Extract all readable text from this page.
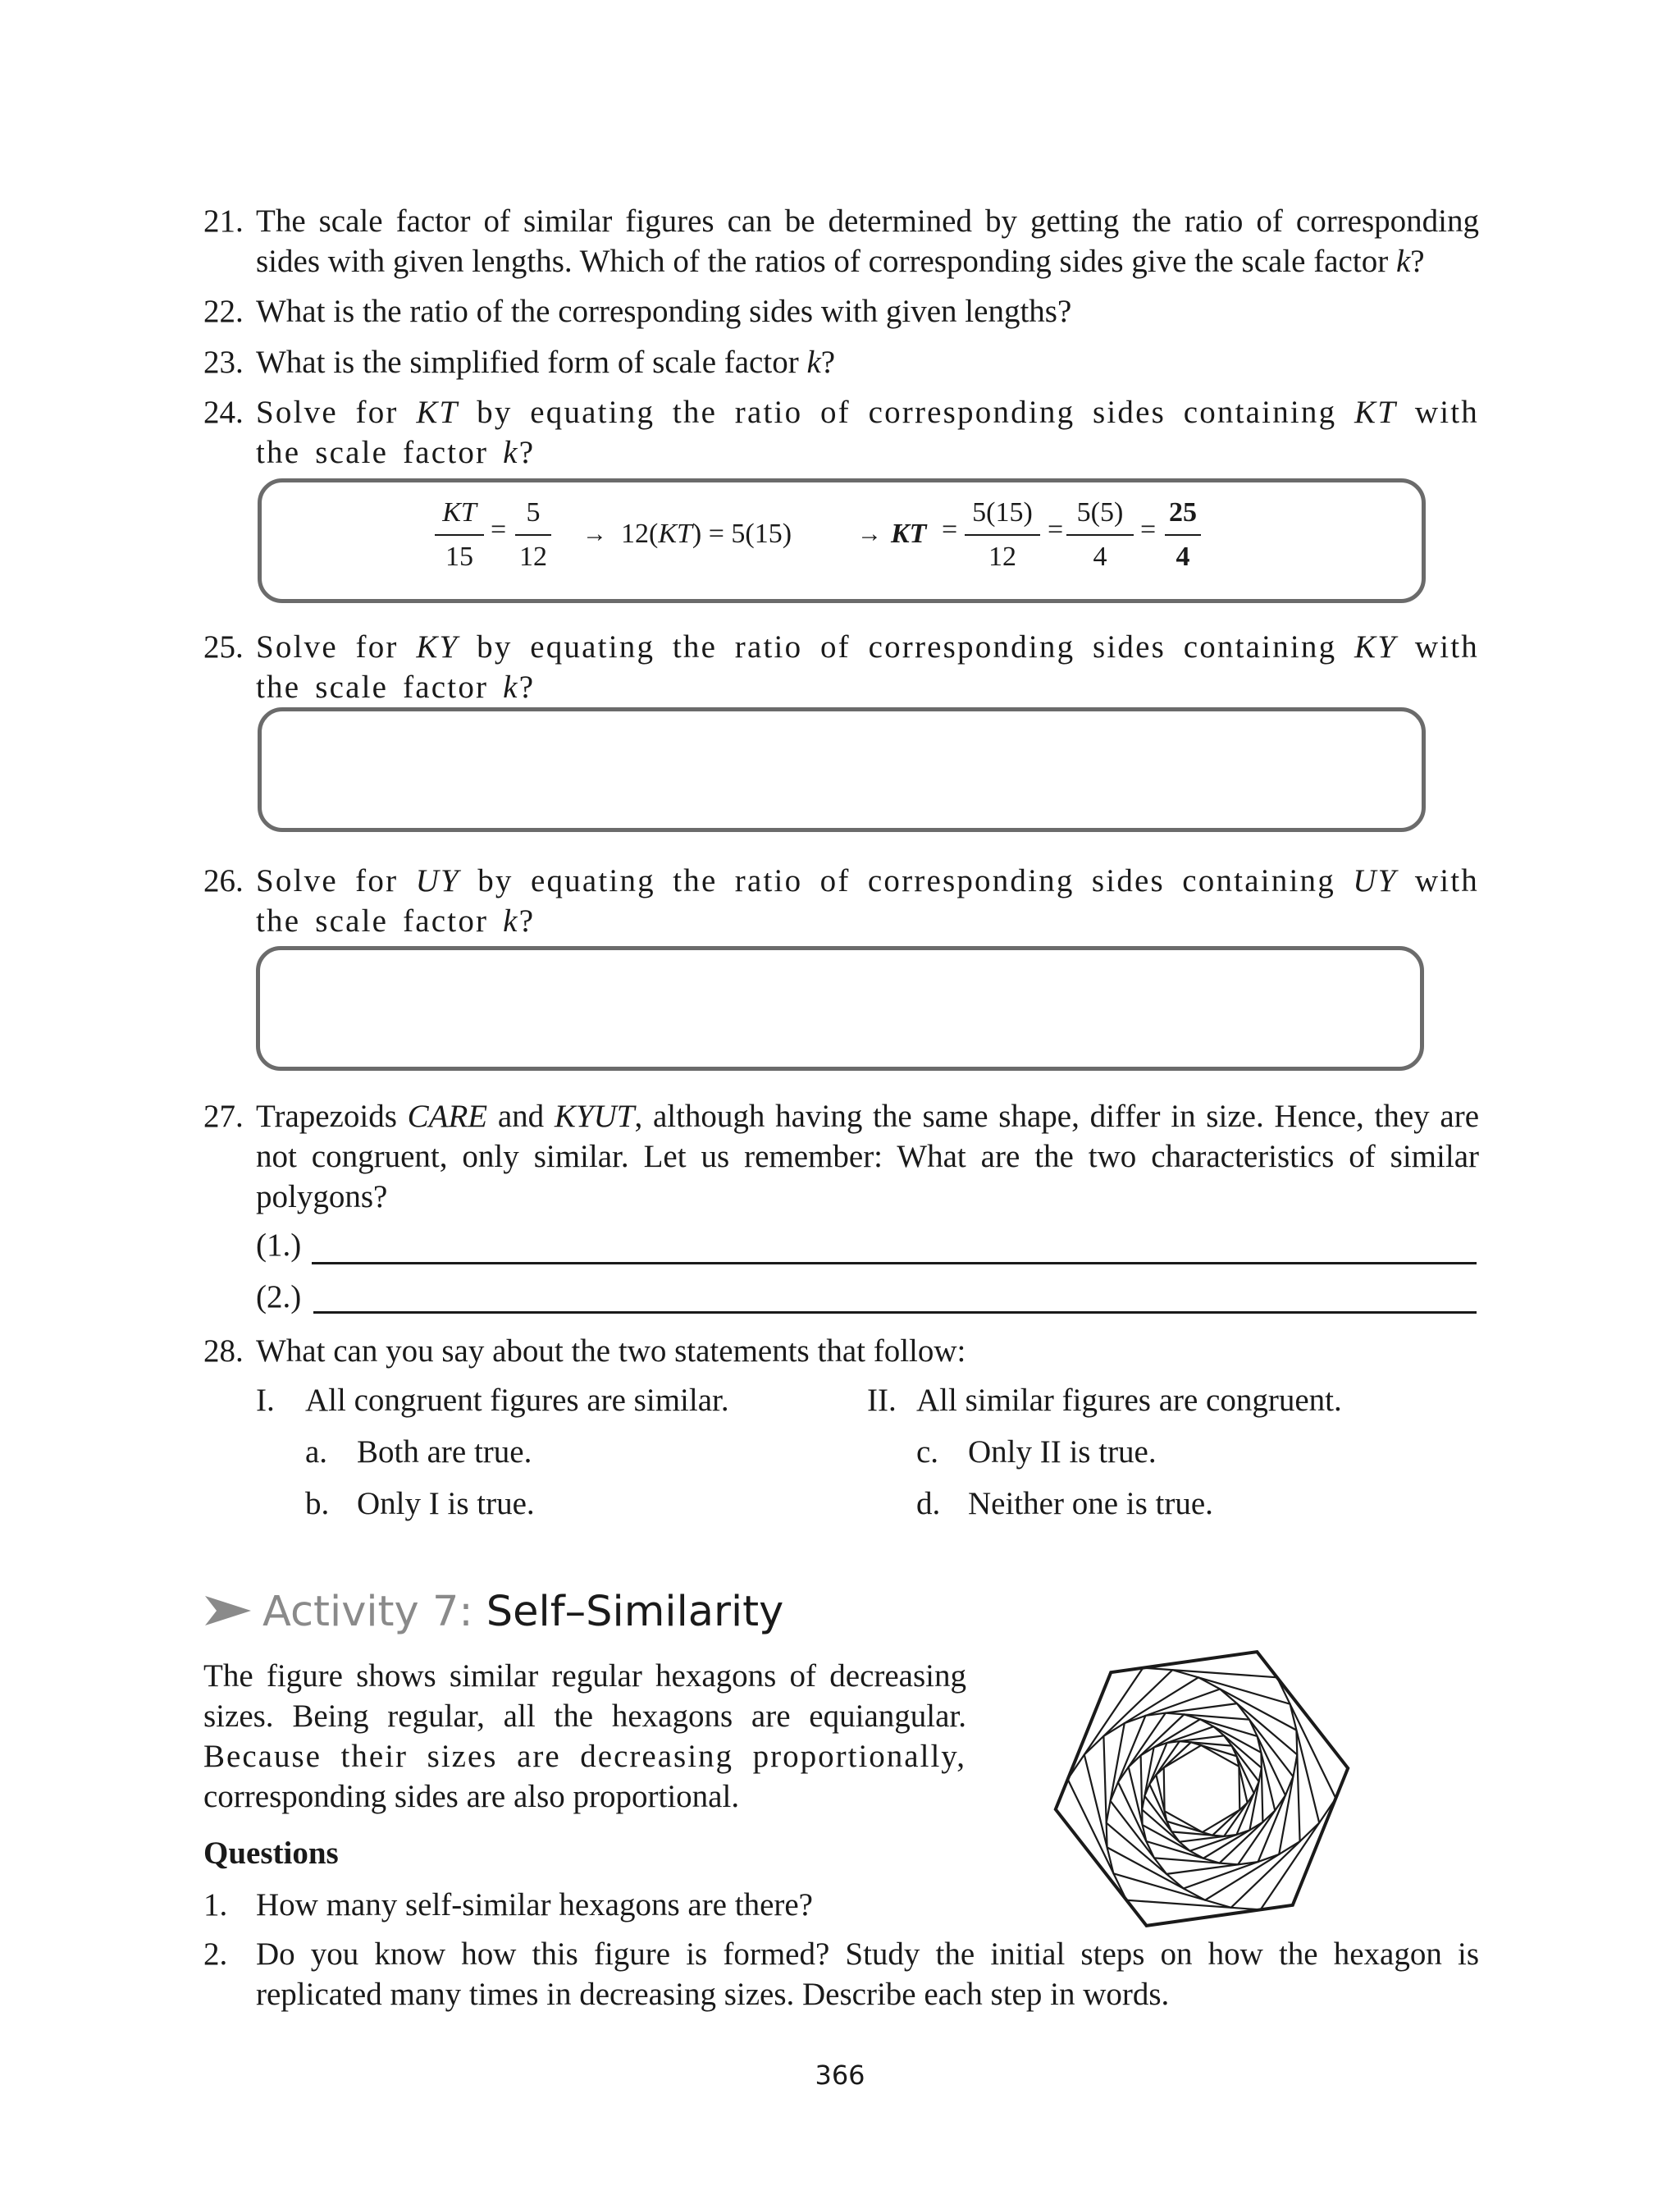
21. The scale factor of similar figures can be determined by getting the ratio of corresponding sides with given lengths. Which of the ratios of corresponding sides give the scale factor k?
22. What is the ratio of the corresponding sides with given lengths?
23. What is the simplified form of scale factor k?
24. Solve for KT by equating the ratio of corresponding sides containing KT with the scale factor k?
KT
15
=
5
12
→ 12(KT) = 5(15)	→ KT =
5(15)
12
=
5(5)
4
=
25
4
25. Solve for KY by equating the ratio of corresponding sides containing KY with the scale factor k?
26. Solve for UY by equating the ratio of corresponding sides containing UY with the scale factor k?
27. Trapezoids CARE and KYUT, although having the same shape, differ in size. Hence, they are not congruent, only similar. Let us remember: What are the two characteristics of similar polygons?
(1.)
(2.)
28. What can you say about the two statements that follow:
I. All congruent figures are similar.	II. All similar figures are congruent.
a. Both are true.
b. Only I is true.
c. Only II is true.
d. Neither one is true.
Activity 7: Self–Similarity
The figure shows similar regular hexagons of decreasing
sizes. Being regular, all the hexagons are equiangular.
Because their sizes are decreasing proportionally,
corresponding sides are also proportional.
Questions
1. How many self-similar hexagons are there?
2. Do you know how this figure is formed? Study the initial steps on how the hexagon is replicated many times in decreasing sizes. Describe each step in words.
366
